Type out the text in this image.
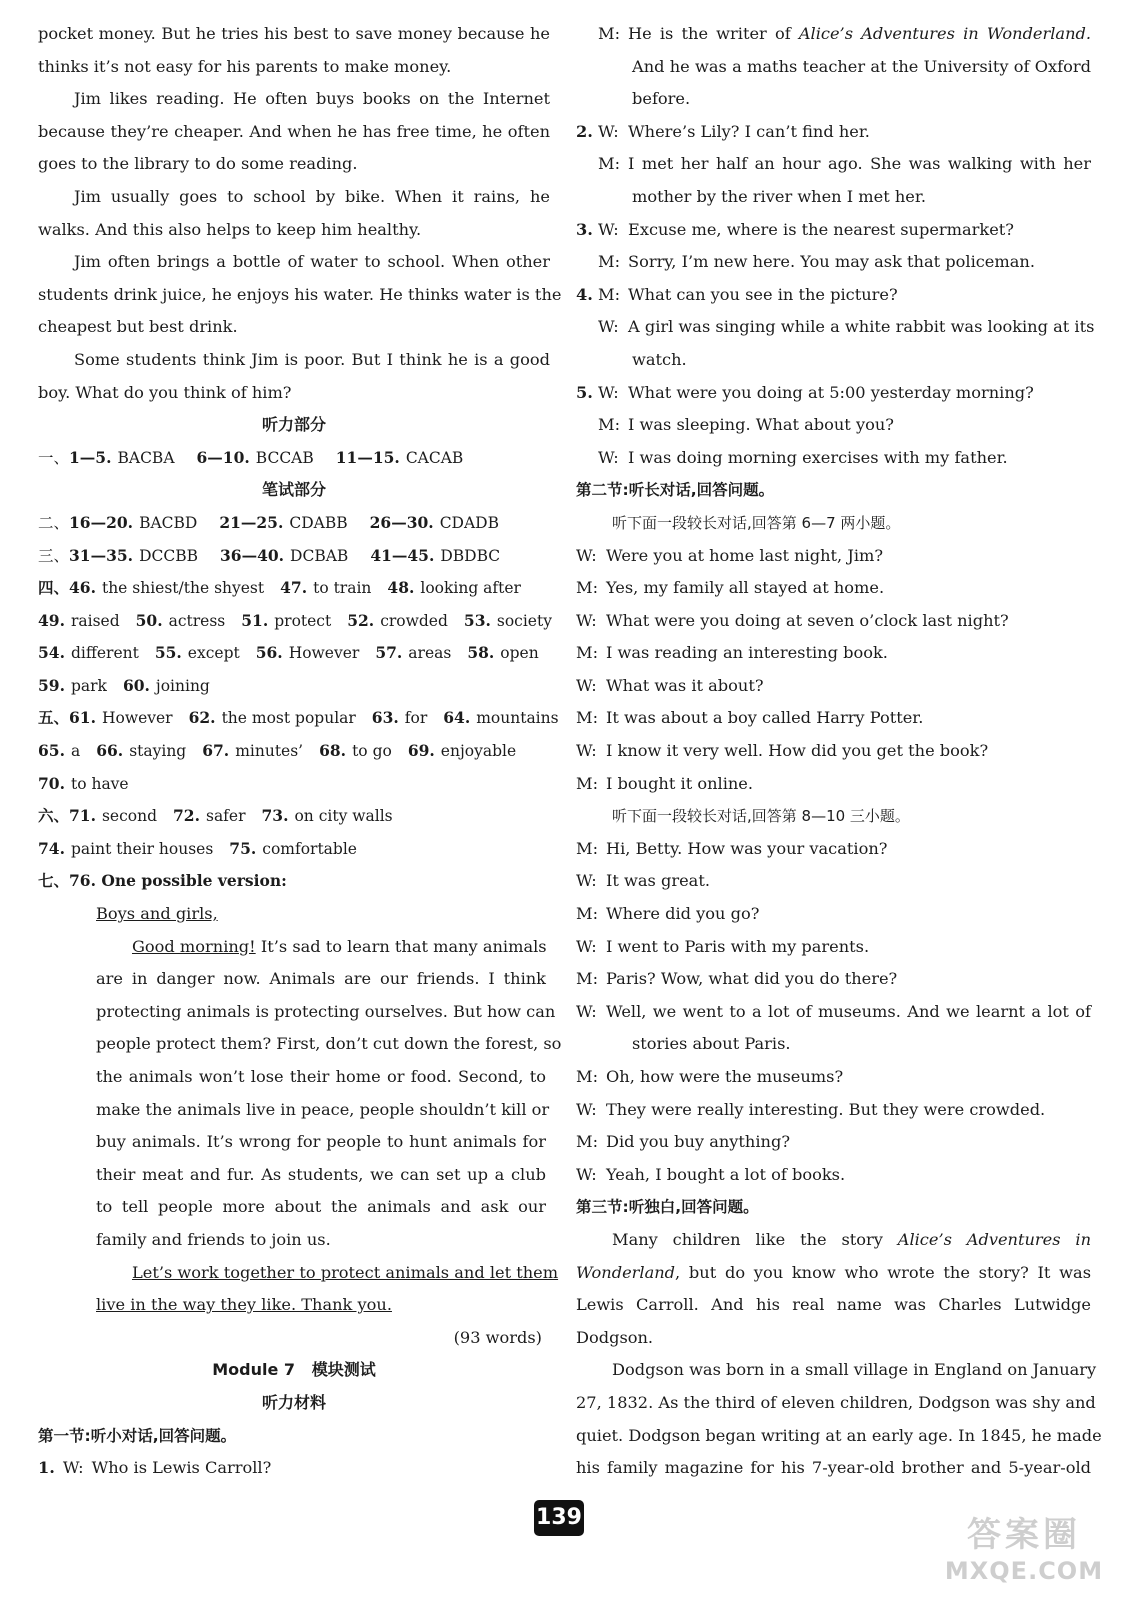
pocket money. But he tries his best to save money because he
thinks it’s not easy for his parents to make money.
Jim likes reading. He often buys books on the Internet
because they’re cheaper. And when he has free time, he often
goes to the library to do some reading.
Jim usually goes to school by bike. When it rains, he
walks. And this also helps to keep him healthy.
Jim often brings a bottle of water to school. When other
students drink juice, he enjoys his water. He thinks water is the
cheapest but best drink.
Some students think Jim is poor. But I think he is a good
boy. What do you think of him?
听力部分
一、1—5. BACBA 6—10. BCCAB 11—15. CACAB
笔试部分
二、16—20. BACBD 21—25. CDABB 26—30. CDADB
三、31—35. DCCBB 36—40. DCBAB 41—45. DBDBC
四、46. the shiest/the shyest 47. to train 48. looking after
49. raised 50. actress 51. protect 52. crowded 53. society
54. different 55. except 56. However 57. areas 58. open
59. park 60. joining
五、61. However 62. the most popular 63. for 64. mountains
65. a 66. staying 67. minutes’ 68. to go 69. enjoyable
70. to have
六、71. second 72. safer 73. on city walls
74. paint their houses 75. comfortable
七、76. One possible version:
Boys and girls,
Good morning! It’s sad to learn that many animals
are in danger now. Animals are our friends. I think
protecting animals is protecting ourselves. But how can
people protect them? First, don’t cut down the forest, so
the animals won’t lose their home or food. Second, to
make the animals live in peace, people shouldn’t kill or
buy animals. It’s wrong for people to hunt animals for
their meat and fur. As students, we can set up a club
to tell people more about the animals and ask our
family and friends to join us.
Let’s work together to protect animals and let them
live in the way they like. Thank you.
(93 words)
Module 7   模块测试
听力材料
第一节:听小对话,回答问题。
1. W: Who is Lewis Carroll?
M: He is the writer of Alice’s Adventures in Wonderland.
And he was a maths teacher at the University of Oxford
before.
2. W: Where’s Lily? I can’t find her.
M: I met her half an hour ago. She was walking with her
mother by the river when I met her.
3. W: Excuse me, where is the nearest supermarket?
M: Sorry, I’m new here. You may ask that policeman.
4. M: What can you see in the picture?
W: A girl was singing while a white rabbit was looking at its
watch.
5. W: What were you doing at 5:00 yesterday morning?
M: I was sleeping. What about you?
W: I was doing morning exercises with my father.
第二节:听长对话,回答问题。
听下面一段较长对话,回答第 6—7 两小题。
W: Were you at home last night, Jim?
M: Yes, my family all stayed at home.
W: What were you doing at seven o’clock last night?
M: I was reading an interesting book.
W: What was it about?
M: It was about a boy called Harry Potter.
W: I know it very well. How did you get the book?
M: I bought it online.
听下面一段较长对话,回答第 8—10 三小题。
M: Hi, Betty. How was your vacation?
W: It was great.
M: Where did you go?
W: I went to Paris with my parents.
M: Paris? Wow, what did you do there?
W: Well, we went to a lot of museums. And we learnt a lot of
stories about Paris.
M: Oh, how were the museums?
W: They were really interesting. But they were crowded.
M: Did you buy anything?
W: Yeah, I bought a lot of books.
第三节:听独白,回答问题。
Many children like the story Alice’s Adventures in
Wonderland, but do you know who wrote the story? It was
Lewis Carroll. And his real name was Charles Lutwidge
Dodgson.
Dodgson was born in a small village in England on January
27, 1832. As the third of eleven children, Dodgson was shy and
quiet. Dodgson began writing at an early age. In 1845, he made
his family magazine for his 7-year-old brother and 5-year-old
139	答案圈
MXQE.COM
